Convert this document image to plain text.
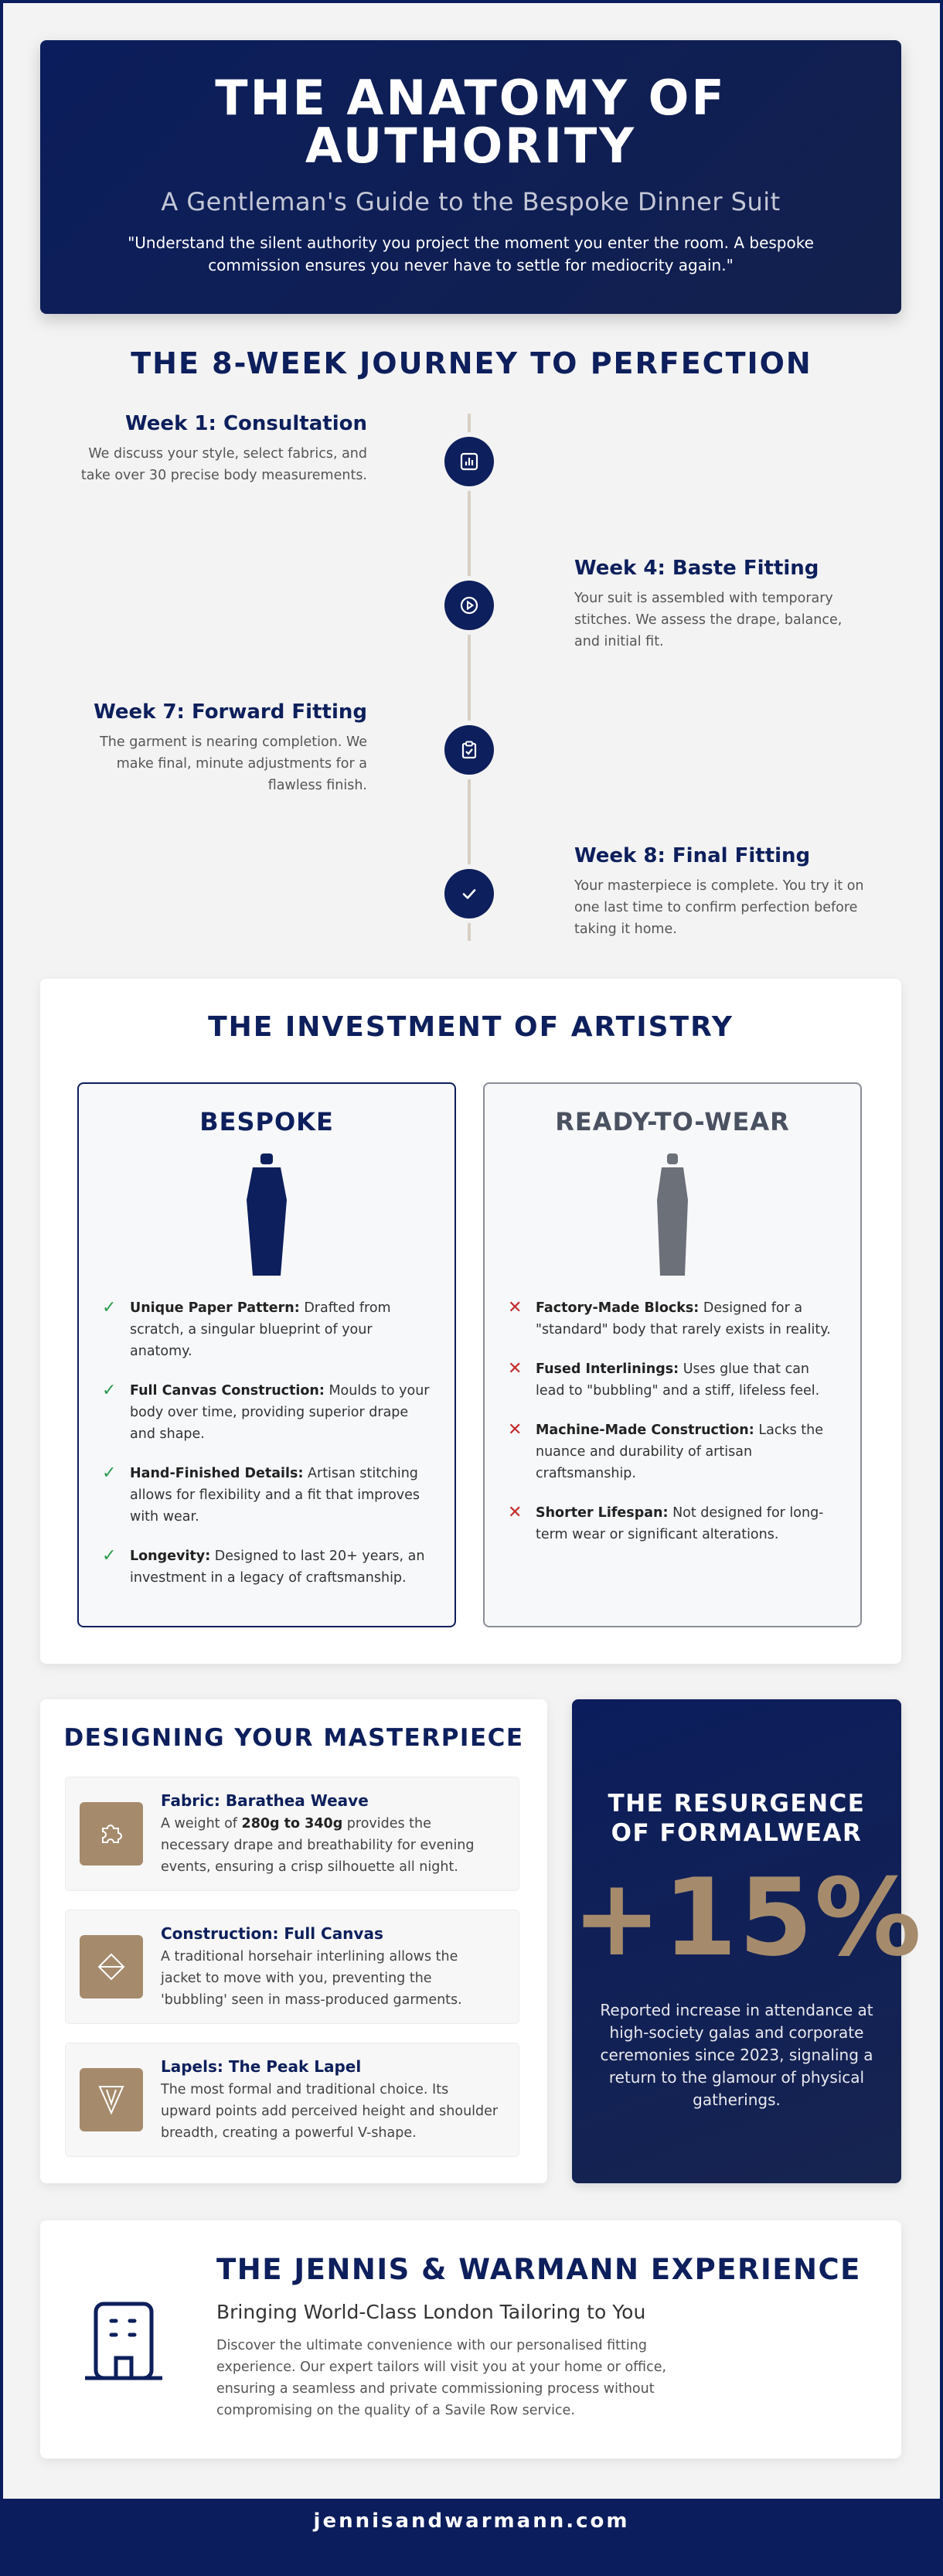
THE ANATOMY OF
AUTHORITY
A Gentleman's Guide to the Bespoke Dinner Suit

"Understand the silent authority you project the moment you enter the room. A bespoke commission ensures you never have to settle for mediocrity again."

THE 8-WEEK JOURNEY TO PERFECTION
Week 1: Consultation

We discuss your style, select fabrics, and take over 30 precise body measurements.

Week 4: Baste Fitting

Your suit is assembled with temporary stitches. We assess the drape, balance, and initial fit.

Week 7: Forward Fitting

The garment is nearing completion. We make final, minute adjustments for a flawless finish.

Week 8: Final Fitting

Your masterpiece is complete. You try it on one last time to confirm perfection before taking it home.

THE INVESTMENT OF ARTISTRY
BESPOKE
✓	Unique Paper Pattern: Drafted from scratch, a singular blueprint of your anatomy.
✓	Full Canvas Construction: Moulds to your body over time, providing superior drape and shape.
✓	Hand-Finished Details: Artisan stitching allows for flexibility and a fit that improves with wear.
✓	Longevity: Designed to last 20+ years, an investment in a legacy of craftsmanship.
READY-TO-WEAR
✕	Factory-Made Blocks: Designed for a "standard" body that rarely exists in reality.
✕	Fused Interlinings: Uses glue that can lead to "bubbling" and a stiff, lifeless feel.
✕	Machine-Made Construction: Lacks the nuance and durability of artisan craftsmanship.
✕	Shorter Lifespan: Not designed for long-term wear or significant alterations.
DESIGNING YOUR MASTERPIECE
Fabric: Barathea Weave

A weight of 280g to 340g provides the necessary drape and breathability for evening events, ensuring a crisp silhouette all night.

Construction: Full Canvas

A traditional horsehair interlining allows the jacket to move with you, preventing the 'bubbling' seen in mass-produced garments.

Lapels: The Peak Lapel

The most formal and traditional choice. Its upward points add perceived height and shoulder breadth, creating a powerful V-shape.

THE RESURGENCE
OF FORMALWEAR
+15%

Reported increase in attendance at high-society galas and corporate ceremonies since 2023, signaling a return to the glamour of physical gatherings.

THE JENNIS & WARMANN EXPERIENCE
Bringing World-Class London Tailoring to You
Discover the ultimate convenience with our personalised fitting experience. Our expert tailors will visit you at your home or office, ensuring a seamless and private commissioning process without compromising on the quality of a Savile Row service.
jennisandwarmann.com
